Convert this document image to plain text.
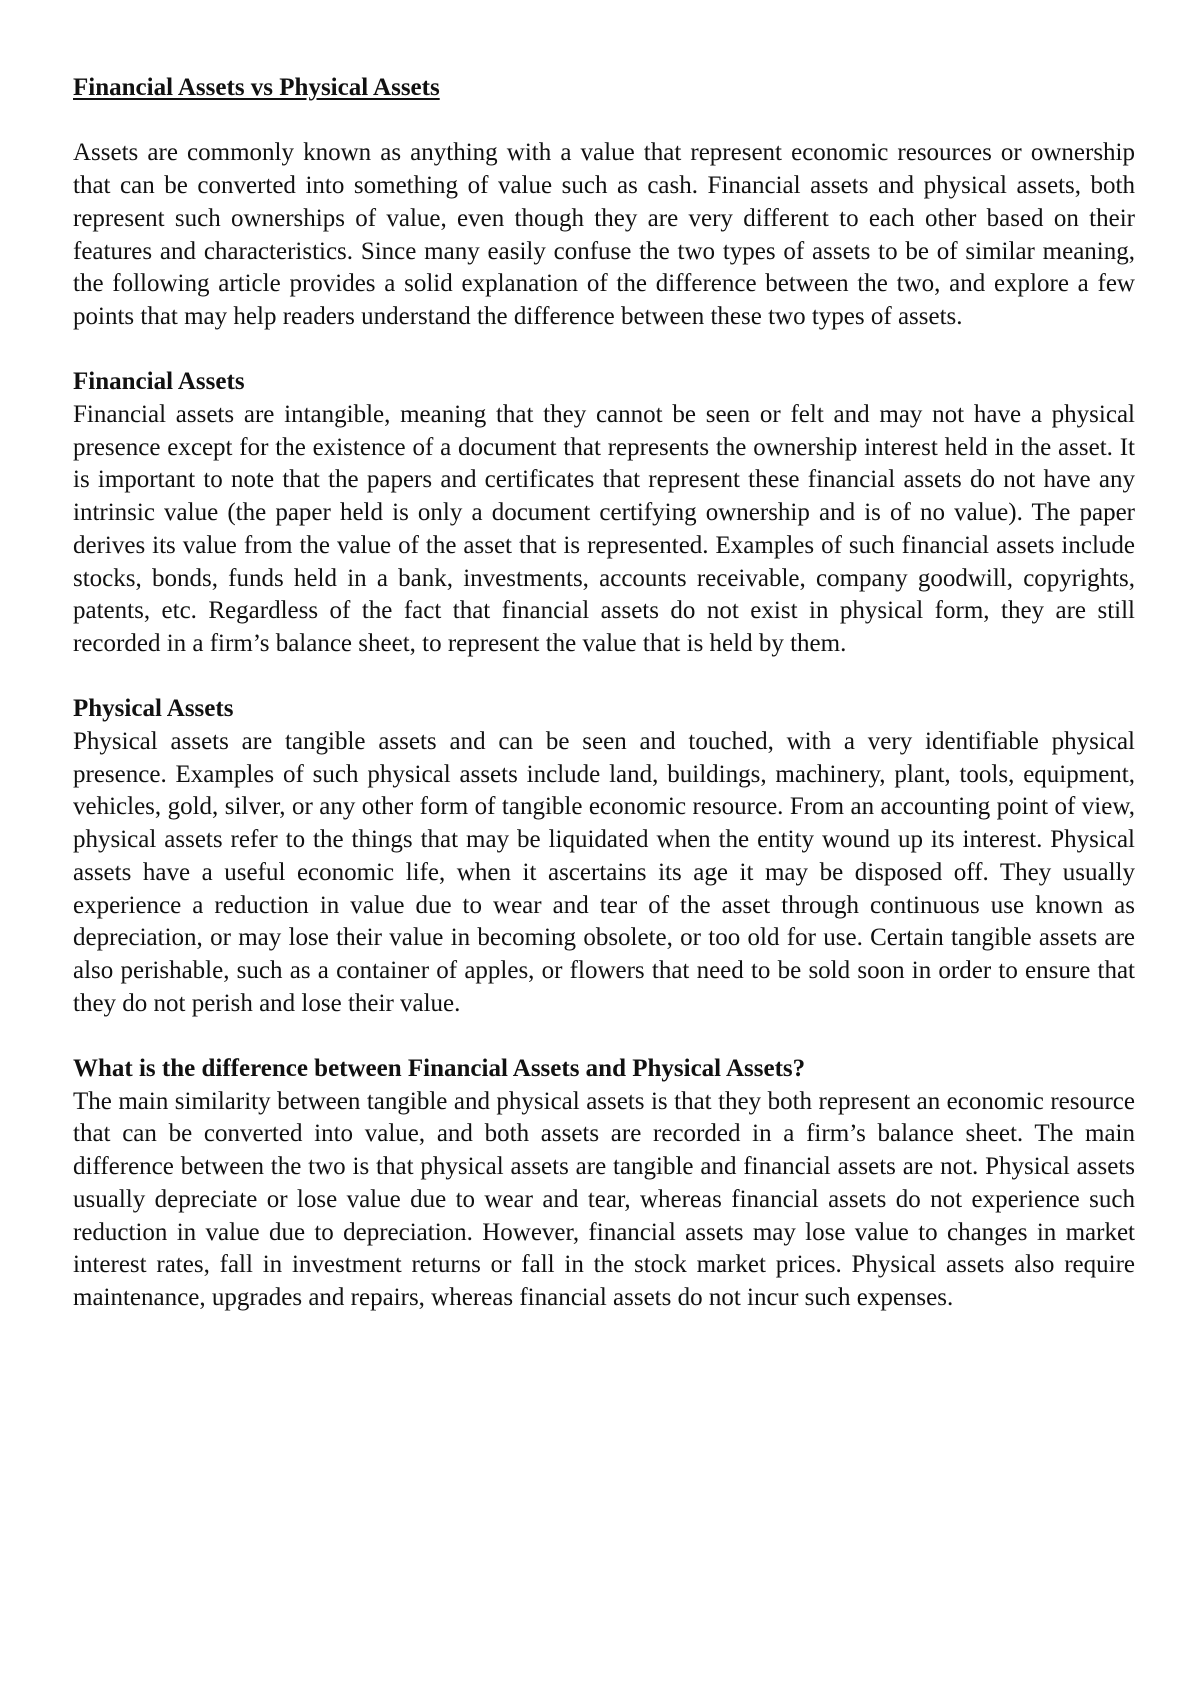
Financial Assets vs Physical Assets

Assets are commonly known as anything with a value that represent economic resources or ownership that can be converted into something of value such as cash. Financial assets and physical assets, both represent such ownerships of value, even though they are very different to each other based on their features and characteristics. Since many easily confuse the two types of assets to be of similar meaning, the following article provides a solid explanation of the difference between the two, and explore a few points that may help readers understand the difference between these two types of assets.

Financial Assets

Financial assets are intangible, meaning that they cannot be seen or felt and may not have a physical presence except for the existence of a document that represents the ownership interest held in the asset. It is important to note that the papers and certificates that represent these financial assets do not have any intrinsic value (the paper held is only a document certifying ownership and is of no value). The paper derives its value from the value of the asset that is represented. Examples of such financial assets include stocks, bonds, funds held in a bank, investments, accounts receivable, company goodwill, copyrights, patents, etc. Regardless of the fact that financial assets do not exist in physical form, they are still recorded in a firm’s balance sheet, to represent the value that is held by them.

Physical Assets

Physical assets are tangible assets and can be seen and touched, with a very identifiable physical presence. Examples of such physical assets include land, buildings, machinery, plant, tools, equipment, vehicles, gold, silver, or any other form of tangible economic resource. From an accounting point of view, physical assets refer to the things that may be liquidated when the entity wound up its interest. Physical assets have a useful economic life, when it ascertains its age it may be disposed off. They usually experience a reduction in value due to wear and tear of the asset through continuous use known as depreciation, or may lose their value in becoming obsolete, or too old for use. Certain tangible assets are also perishable, such as a container of apples, or flowers that need to be sold soon in order to ensure that they do not perish and lose their value.

What is the difference between Financial Assets and Physical Assets?

The main similarity between tangible and physical assets is that they both represent an economic resource that can be converted into value, and both assets are recorded in a firm’s balance sheet. The main difference between the two is that physical assets are tangible and financial assets are not. Physical assets usually depreciate or lose value due to wear and tear, whereas financial assets do not experience such reduction in value due to depreciation. However, financial assets may lose value to changes in market interest rates, fall in investment returns or fall in the stock market prices. Physical assets also require maintenance, upgrades and repairs, whereas financial assets do not incur such expenses.
